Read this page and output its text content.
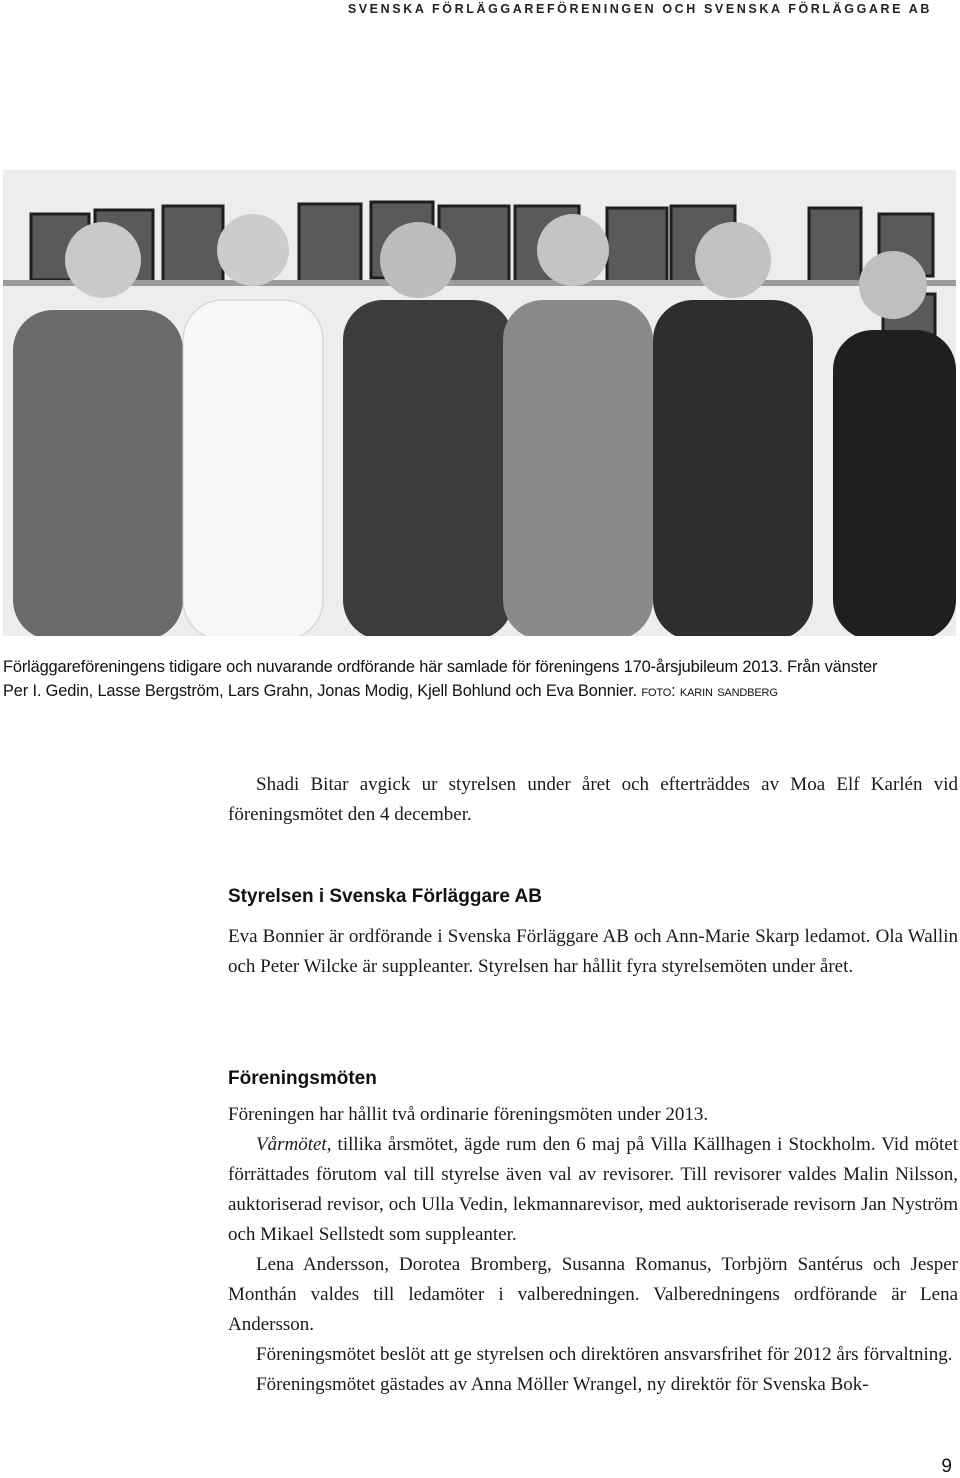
SVENSKA FÖRLÄGGAREFÖRENINGEN OCH SVENSKA FÖRLÄGGARE AB
Förläggareföreningens tidigare och nuvarande ordförande här samlade för föreningens 170-årsjubileum 2013. Från vänster
Per I. Gedin, Lasse Bergström, Lars Grahn, Jonas Modig, Kjell Bohlund och Eva Bonnier. foto: karin sandberg

Shadi Bitar avgick ur styrelsen under året och efterträddes av Moa Elf Karlén vid föreningsmötet den 4 december.

Styrelsen i Svenska Förläggare AB

Eva Bonnier är ordförande i Svenska Förläggare AB och Ann-Marie Skarp ledamot. Ola Wallin och Peter Wilcke är suppleanter. Styrelsen har hållit fyra styrelsemöten under året.

Föreningsmöten

Föreningen har hållit två ordinarie föreningsmöten under 2013.

Vårmötet, tillika årsmötet, ägde rum den 6 maj på Villa Källhagen i Stockholm. Vid mötet förrättades förutom val till styrelse även val av revisorer. Till revisorer valdes Malin Nilsson, auktoriserad revisor, och Ulla Vedin, lekmannarevisor, med auktoriserade revisorn Jan Nyström och Mikael Sellstedt som suppleanter.

Lena Andersson, Dorotea Bromberg, Susanna Romanus, Torbjörn Santérus och Jesper Monthán valdes till ledamöter i valberedningen. Valberedningens ordförande är Lena Andersson.

Föreningsmötet beslöt att ge styrelsen och direktören ansvarsfrihet för 2012 års förvaltning.

Föreningsmötet gästades av Anna Möller Wrangel, ny direktör för Svenska Bok-

9
